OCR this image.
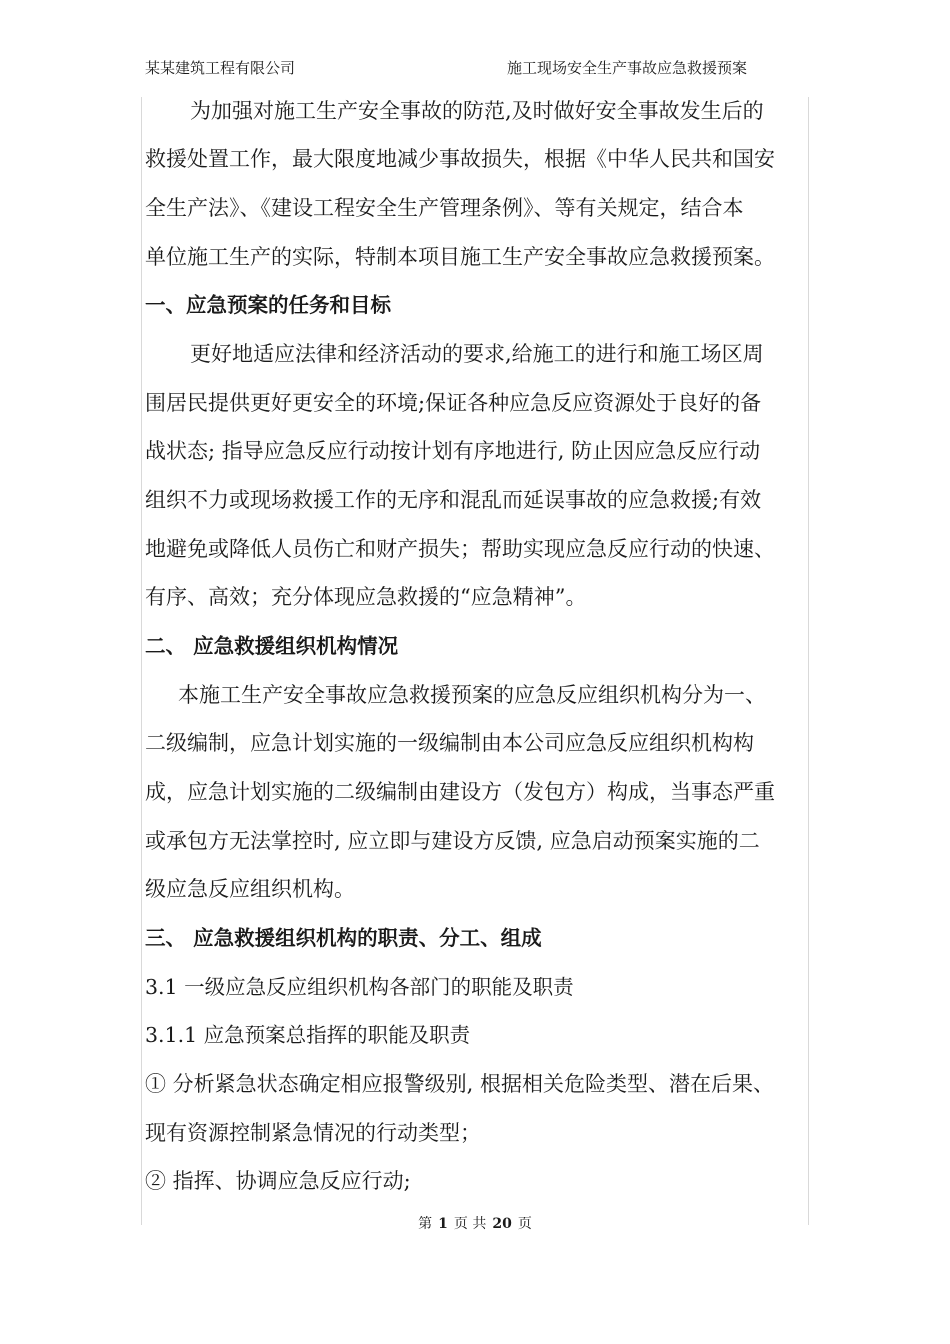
某某建筑工程有限公司	施工现场安全生产事故应急救援预案
为加强对施工生产安全事故的防范,及时做好安全事故发生后的
救援处置工作，最大限度地减少事故损失，根据《中华人民共和国安
全生产法》、《建设工程安全生产管理条例》、等有关规定，结合本
单位施工生产的实际，特制本项目施工生产安全事故应急救援预案。
一、应急预案的任务和目标
更好地适应法律和经济活动的要求,给施工的进行和施工场区周
围居民提供更好更安全的环境;保证各种应急反应资源处于良好的备
战状态; 指导应急反应行动按计划有序地进行, 防止因应急反应行动
组织不力或现场救援工作的无序和混乱而延误事故的应急救援;有效
地避免或降低人员伤亡和财产损失；帮助实现应急反应行动的快速、
有序、高效；充分体现应急救援的“应急精神”。
二、 应急救援组织机构情况
本施工生产安全事故应急救援预案的应急反应组织机构分为一、
二级编制，应急计划实施的一级编制由本公司应急反应组织机构构
成，应急计划实施的二级编制由建设方（发包方）构成，当事态严重
或承包方无法掌控时, 应立即与建设方反馈, 应急启动预案实施的二
级应急反应组织机构。
三、 应急救援组织机构的职责、分工、组成
3.1 一级应急反应组织机构各部门的职能及职责
3.1.1 应急预案总指挥的职能及职责
① 分析紧急状态确定相应报警级别, 根据相关危险类型、潜在后果、
现有资源控制紧急情况的行动类型；
② 指挥、协调应急反应行动;
第 1 页 共 20 页
